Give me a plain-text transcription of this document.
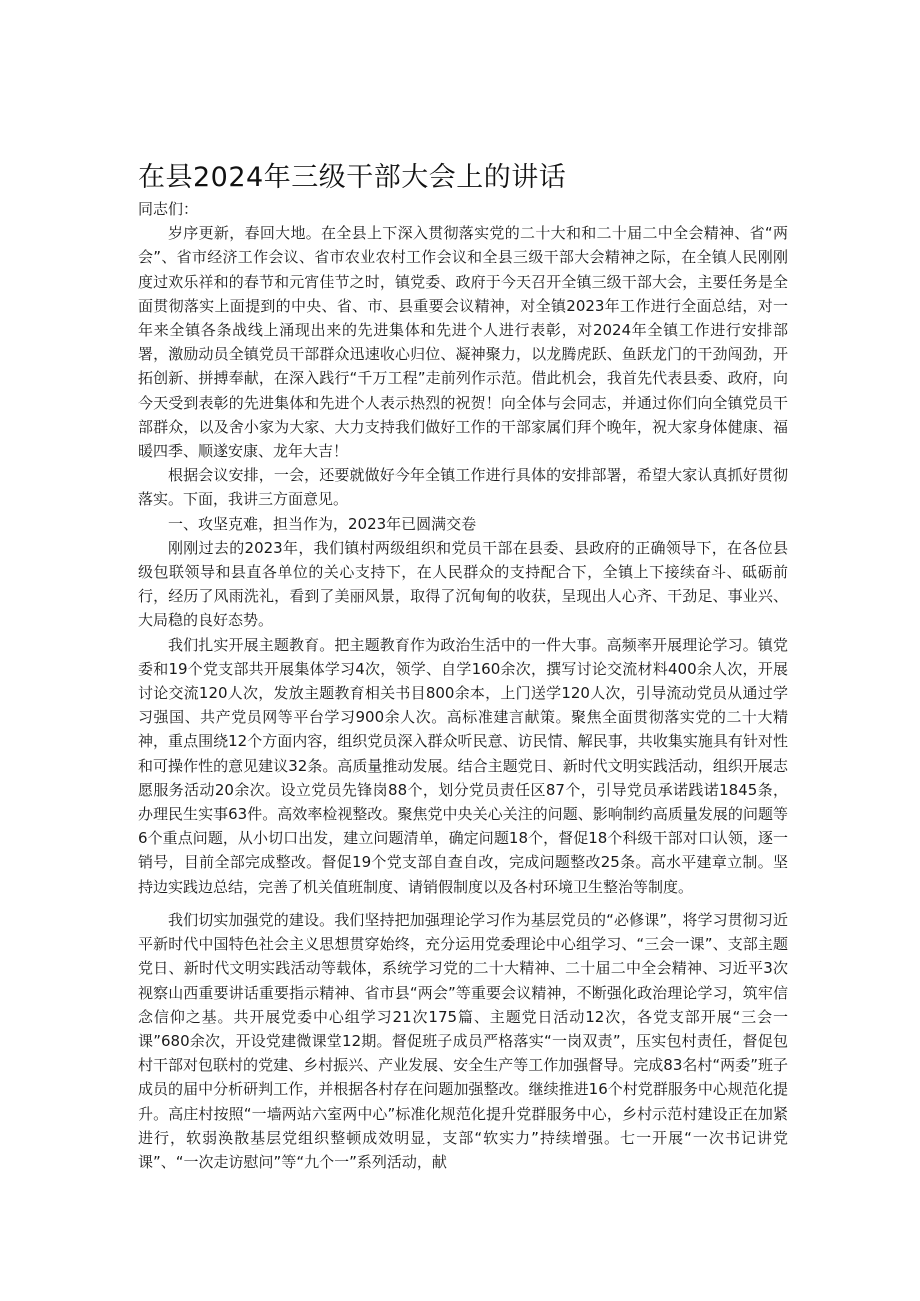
在县2024年三级干部大会上的讲话

同志们：

岁序更新，春回大地。在全县上下深入贯彻落实党的二十大和和二十届二中全会精神、省“两会”、省市经济工作会议、省市农业农村工作会议和全县三级干部大会精神之际，在全镇人民刚刚度过欢乐祥和的春节和元宵佳节之时，镇党委、政府于今天召开全镇三级干部大会，主要任务是全面贯彻落实上面提到的中央、省、市、县重要会议精神，对全镇2023年工作进行全面总结，对一年来全镇各条战线上涌现出来的先进集体和先进个人进行表彰，对2024年全镇工作进行安排部署，激励动员全镇党员干部群众迅速收心归位、凝神聚力，以龙腾虎跃、鱼跃龙门的干劲闯劲，开拓创新、拼搏奉献，在深入践行“千万工程”走前列作示范。借此机会，我首先代表县委、政府，向今天受到表彰的先进集体和先进个人表示热烈的祝贺！向全体与会同志，并通过你们向全镇党员干部群众，以及舍小家为大家、大力支持我们做好工作的干部家属们拜个晚年，祝大家身体健康、福暖四季、顺遂安康、龙年大吉！

根据会议安排，一会，还要就做好今年全镇工作进行具体的安排部署，希望大家认真抓好贯彻落实。下面，我讲三方面意见。

一、攻坚克难，担当作为，2023年已圆满交卷

刚刚过去的2023年，我们镇村两级组织和党员干部在县委、县政府的正确领导下，在各位县级包联领导和县直各单位的关心支持下，在人民群众的支持配合下，全镇上下接续奋斗、砥砺前行，经历了风雨洗礼，看到了美丽风景，取得了沉甸甸的收获，呈现出人心齐、干劲足、事业兴、大局稳的良好态势。

我们扎实开展主题教育。把主题教育作为政治生活中的一件大事。高频率开展理论学习。镇党委和19个党支部共开展集体学习4次，领学、自学160余次，撰写讨论交流材料400余人次，开展讨论交流120人次，发放主题教育相关书目800余本，上门送学120人次，引导流动党员从通过学习强国、共产党员网等平台学习900余人次。高标准建言献策。聚焦全面贯彻落实党的二十大精神，重点围绕12个方面内容，组织党员深入群众听民意、访民情、解民事，共收集实施具有针对性和可操作性的意见建议32条。高质量推动发展。结合主题党日、新时代文明实践活动，组织开展志愿服务活动20余次。设立党员先锋岗88个，划分党员责任区87个，引导党员承诺践诺1845条，办理民生实事63件。高效率检视整改。聚焦党中央关心关注的问题、影响制约高质量发展的问题等6个重点问题，从小切口出发，建立问题清单，确定问题18个，督促18个科级干部对口认领，逐一销号，目前全部完成整改。督促19个党支部自查自改，完成问题整改25条。高水平建章立制。坚持边实践边总结，完善了机关值班制度、请销假制度以及各村环境卫生整治等制度。

我们切实加强党的建设。我们坚持把加强理论学习作为基层党员的“必修课”，将学习贯彻习近平新时代中国特色社会主义思想贯穿始终，充分运用党委理论中心组学习、“三会一课”、支部主题党日、新时代文明实践活动等载体，系统学习党的二十大精神、二十届二中全会精神、习近平3次视察山西重要讲话重要指示精神、省市县“两会”等重要会议精神，不断强化政治理论学习，筑牢信念信仰之基。共开展党委中心组学习21次175篇、主题党日活动12次，各党支部开展“三会一课”680余次，开设党建微课堂12期。督促班子成员严格落实“一岗双责”，压实包村责任，督促包村干部对包联村的党建、乡村振兴、产业发展、安全生产等工作加强督导。完成83名村“两委”班子成员的届中分析研判工作，并根据各村存在问题加强整改。继续推进16个村党群服务中心规范化提升。高庄村按照“一墙两站六室两中心”标准化规范化提升党群服务中心，乡村示范村建设正在加紧进行，软弱涣散基层党组织整顿成效明显，支部“软实力”持续增强。七一开展“一次书记讲党课”、“一次走访慰问”等“九个一”系列活动，献
